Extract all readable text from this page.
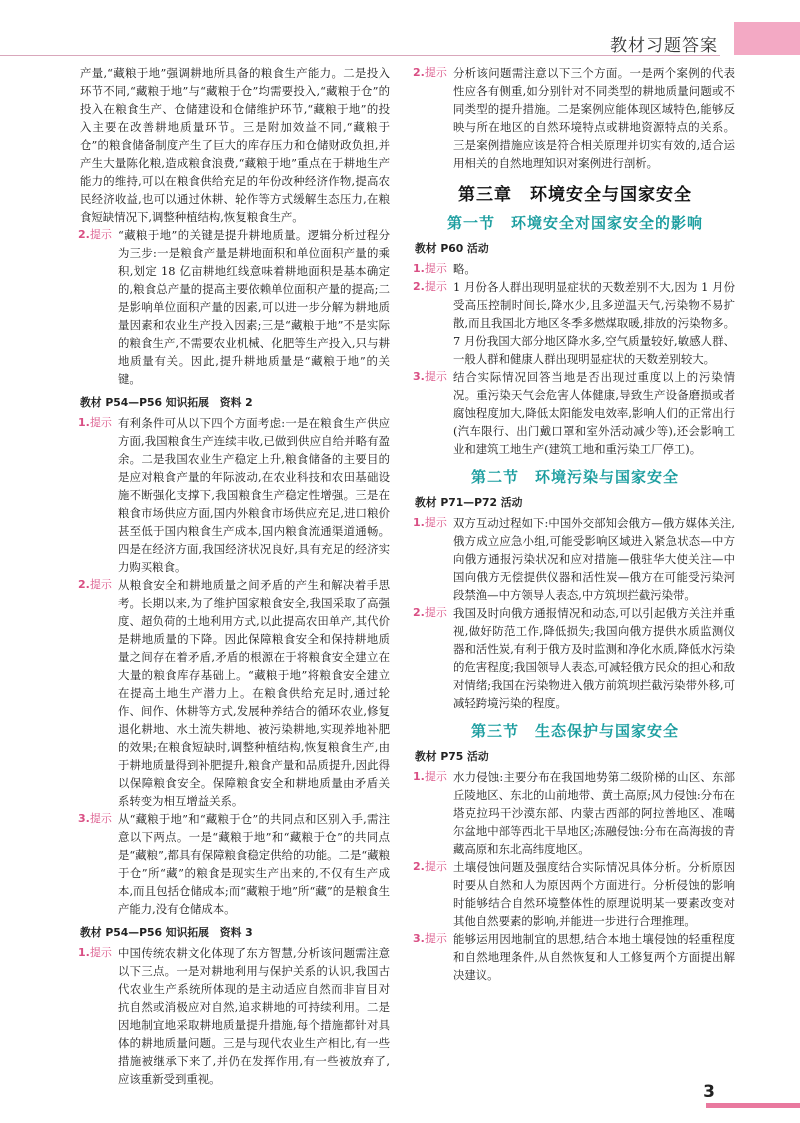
教材习题答案

产量,“藏粮于地”强调耕地所具备的粮食生产能力。二是投入环节不同,“藏粮于地”与“藏粮于仓”均需要投入,“藏粮于仓”的投入在粮食生产、仓储建设和仓储维护环节,“藏粮于地”的投入主要在改善耕地质量环节。三是附加效益不同,“藏粮于仓”的粮食储备制度产生了巨大的库存压力和仓储财政负担,并产生大量陈化粮,造成粮食浪费,“藏粮于地”重点在于耕地生产能力的维持,可以在粮食供给充足的年份改种经济作物,提高农民经济收益,也可以通过休耕、轮作等方式缓解生态压力,在粮食短缺情况下,调整种植结构,恢复粮食生产。

2.提示 “藏粮于地”的关键是提升耕地质量。逻辑分析过程分为三步:一是粮食产量是耕地面积和单位面积产量的乘积,划定 18 亿亩耕地红线意味着耕地面积是基本确定的,粮食总产量的提高主要依赖单位面积产量的提高;二是影响单位面积产量的因素,可以进一步分解为耕地质量因素和农业生产投入因素;三是“藏粮于地”不是实际的粮食生产,不需要农业机械、化肥等生产投入,只与耕地质量有关。因此,提升耕地质量是“藏粮于地”的关键。

教材 P54—P56 知识拓展　资料 2
1.提示 有利条件可从以下四个方面考虑:一是在粮食生产供应方面,我国粮食生产连续丰收,已做到供应自给并略有盈余。二是我国农业生产稳定上升,粮食储备的主要目的是应对粮食产量的年际波动,在农业科技和农田基础设施不断强化支撑下,我国粮食生产稳定性增强。三是在粮食市场供应方面,国内外粮食市场供应充足,进口粮价甚至低于国内粮食生产成本,国内粮食流通渠道通畅。四是在经济方面,我国经济状况良好,具有充足的经济实力购买粮食。

2.提示 从粮食安全和耕地质量之间矛盾的产生和解决着手思考。长期以来,为了维护国家粮食安全,我国采取了高强度、超负荷的土地利用方式,以此提高农田单产,其代价是耕地质量的下降。因此保障粮食安全和保持耕地质量之间存在着矛盾,矛盾的根源在于将粮食安全建立在大量的粮食库存基础上。“藏粮于地”将粮食安全建立在提高土地生产潜力上。在粮食供给充足时,通过轮作、间作、休耕等方式,发展种养结合的循环农业,修复退化耕地、水土流失耕地、被污染耕地,实现养地补肥的效果;在粮食短缺时,调整种植结构,恢复粮食生产,由于耕地质量得到补肥提升,粮食产量和品质提升,因此得以保障粮食安全。保障粮食安全和耕地质量由矛盾关系转变为相互增益关系。

3.提示 从“藏粮于地”和“藏粮于仓”的共同点和区别入手,需注意以下两点。一是“藏粮于地”和“藏粮于仓”的共同点是“藏粮”,都具有保障粮食稳定供给的功能。二是“藏粮于仓”所“藏”的粮食是现实生产出来的,不仅有生产成本,而且包括仓储成本;而“藏粮于地”所“藏”的是粮食生产能力,没有仓储成本。

教材 P54—P56 知识拓展　资料 3
1.提示 中国传统农耕文化体现了东方智慧,分析该问题需注意以下三点。一是对耕地利用与保护关系的认识,我国古代农业生产系统所体现的是主动适应自然而非盲目对抗自然或消极应对自然,追求耕地的可持续利用。二是因地制宜地采取耕地质量提升措施,每个措施都针对具体的耕地质量问题。三是与现代农业生产相比,有一些措施被继承下来了,并仍在发挥作用,有一些被放弃了,应该重新受到重视。

2.提示 分析该问题需注意以下三个方面。一是两个案例的代表性应各有侧重,如分别针对不同类型的耕地质量问题或不同类型的提升措施。二是案例应能体现区域特色,能够反映与所在地区的自然环境特点或耕地资源特点的关系。三是案例措施应该是符合相关原理并切实有效的,适合运用相关的自然地理知识对案例进行剖析。

第三章　环境安全与国家安全
第一节　环境安全对国家安全的影响
教材 P60 活动
1.提示 略。

2.提示 1 月份各人群出现明显症状的天数差别不大,因为 1 月份受高压控制时间长,降水少,且多逆温天气,污染物不易扩散,而且我国北方地区冬季多燃煤取暖,排放的污染物多。7 月份我国大部分地区降水多,空气质量较好,敏感人群、一般人群和健康人群出现明显症状的天数差别较大。

3.提示 结合实际情况回答当地是否出现过重度以上的污染情况。重污染天气会危害人体健康,导致生产设备磨损或者腐蚀程度加大,降低太阳能发电效率,影响人们的正常出行(汽车限行、出门戴口罩和室外活动减少等),还会影响工业和建筑工地生产(建筑工地和重污染工厂停工)。

第二节　环境污染与国家安全
教材 P71—P72 活动
1.提示 双方互动过程如下:中国外交部知会俄方—俄方媒体关注,俄方成立应急小组,可能受影响区域进入紧急状态—中方向俄方通报污染状况和应对措施—俄驻华大使关注—中国向俄方无偿提供仪器和活性炭—俄方在可能受污染河段禁渔—中方领导人表态,中方筑坝拦截污染带。

2.提示 我国及时向俄方通报情况和动态,可以引起俄方关注并重视,做好防范工作,降低损失;我国向俄方提供水质监测仪器和活性炭,有利于俄方及时监测和净化水质,降低水污染的危害程度;我国领导人表态,可减轻俄方民众的担心和敌对情绪;我国在污染物进入俄方前筑坝拦截污染带外移,可减轻跨境污染的程度。

第三节　生态保护与国家安全
教材 P75 活动
1.提示 水力侵蚀:主要分布在我国地势第二级阶梯的山区、东部丘陵地区、东北的山前地带、黄土高原;风力侵蚀:分布在塔克拉玛干沙漠东部、内蒙古西部的阿拉善地区、准噶尔盆地中部等西北干旱地区;冻融侵蚀:分布在高海拔的青藏高原和东北高纬度地区。

2.提示 土壤侵蚀问题及强度结合实际情况具体分析。分析原因时要从自然和人为原因两个方面进行。分析侵蚀的影响时能够结合自然环境整体性的原理说明某一要素改变对其他自然要素的影响,并能进一步进行合理推理。

3.提示 能够运用因地制宜的思想,结合本地土壤侵蚀的轻重程度和自然地理条件,从自然恢复和人工修复两个方面提出解决建议。

3
